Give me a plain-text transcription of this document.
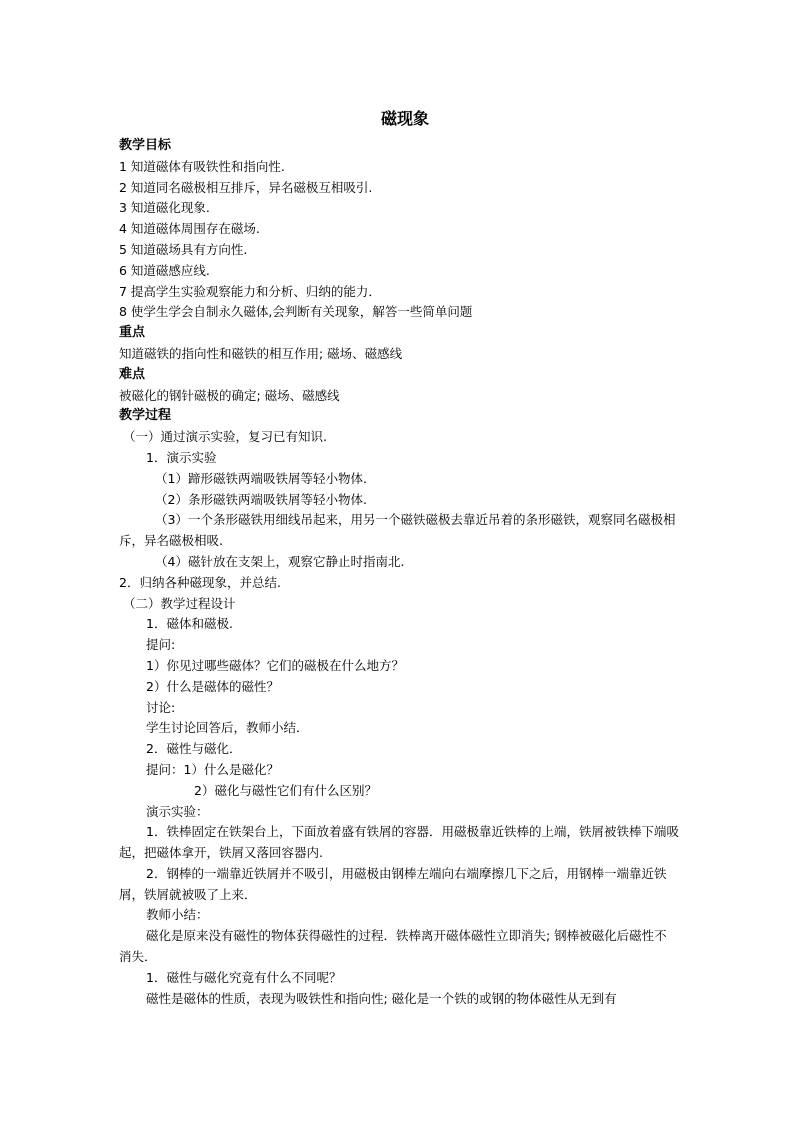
磁现象
教学目标
1 知道磁体有吸铁性和指向性.
2 知道同名磁极相互排斥，异名磁极互相吸引.
3 知道磁化现象.
4 知道磁体周围存在磁场.
5 知道磁场具有方向性.
6 知道磁感应线.
7 提高学生实验观察能力和分析、归纳的能力．
8 使学生学会自制永久磁体,会判断有关现象，解答一些简单问题
重点
知道磁铁的指向性和磁铁的相互作用; 磁场、磁感线
难点
被磁化的钢针磁极的确定; 磁场、磁感线
教学过程
（一）通过演示实验，复习已有知识.
1．演示实验
（1）蹄形磁铁两端吸铁屑等轻小物体.
（2）条形磁铁两端吸铁屑等轻小物体.
（3）一个条形磁铁用细线吊起来，用另一个磁铁磁极去靠近吊着的条形磁铁，观察同名磁极相斥，异名磁极相吸.
（4）磁针放在支架上，观察它静止时指南北.
2．归纳各种磁现象，并总结.
（二）教学过程设计
1．磁体和磁极.
提问:
1）你见过哪些磁体？它们的磁极在什么地方？
2）什么是磁体的磁性？
讨论:
学生讨论回答后，教师小结．
2．磁性与磁化．
提问：1）什么是磁化？
2）磁化与磁性它们有什么区别？
演示实验：
1．铁棒固定在铁架台上，下面放着盛有铁屑的容器．用磁极靠近铁棒的上端，铁屑被铁棒下端吸起，把磁体拿开，铁屑又落回容器内.
2．钢棒的一端靠近铁屑并不吸引，用磁极由钢棒左端向右端摩擦几下之后，用钢棒一端靠近铁屑，铁屑就被吸了上来．
教师小结：
磁化是原来没有磁性的物体获得磁性的过程．铁棒离开磁体磁性立即消失; 钢棒被磁化后磁性不消失．
1．磁性与磁化究竟有什么不同呢？
磁性是磁体的性质，表现为吸铁性和指向性; 磁化是一个铁的或钢的物体磁性从无到有
